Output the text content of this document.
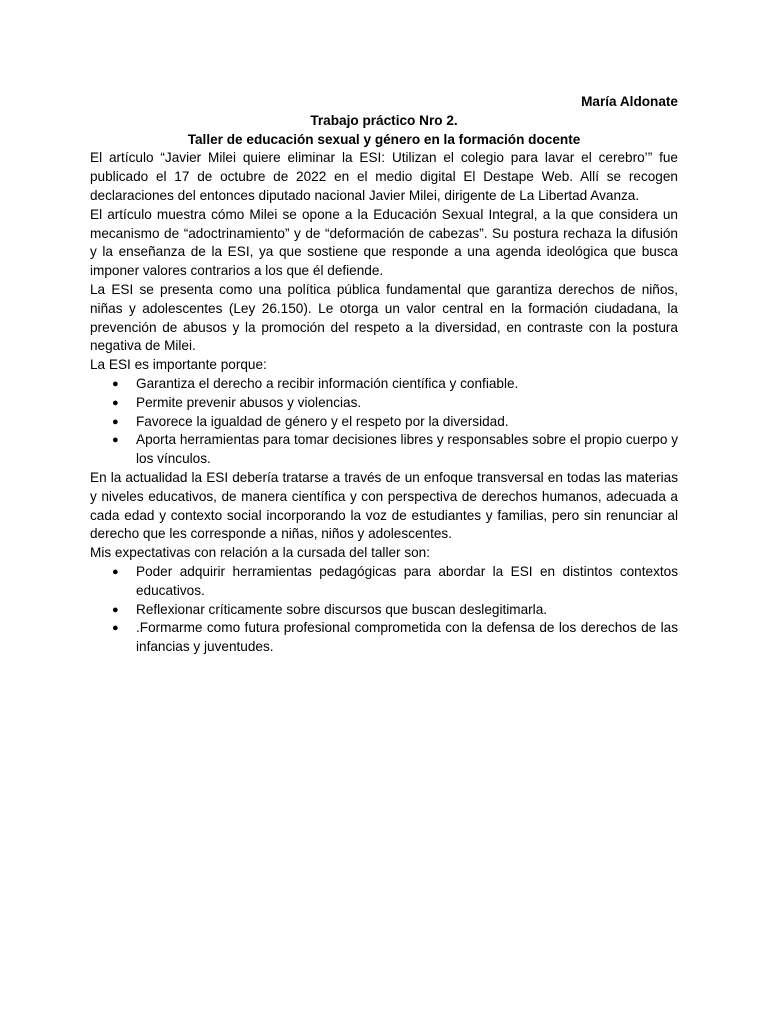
María Aldonate
Trabajo práctico Nro 2.
Taller de educación sexual y género en la formación docente

El artículo “Javier Milei quiere eliminar la ESI: Utilizan el colegio para lavar el cerebro’” fue publicado el 17 de octubre de 2022 en el medio digital El Destape Web. Allí se recogen declaraciones del entonces diputado nacional Javier Milei, dirigente de La Libertad Avanza.

El artículo muestra cómo Milei se opone a la Educación Sexual Integral, a la que considera un mecanismo de “adoctrinamiento” y de “deformación de cabezas”. Su postura rechaza la difusión y la enseñanza de la ESI, ya que sostiene que responde a una agenda ideológica que busca imponer valores contrarios a los que él defiende.

La ESI se presenta como una política pública fundamental que garantiza derechos de niños, niñas y adolescentes (Ley 26.150). Le otorga un valor central en la formación ciudadana, la prevención de abusos y la promoción del respeto a la diversidad, en contraste con la postura negativa de Milei.

La ESI es importante porque:

● Garantiza el derecho a recibir información científica y confiable.
● Permite prevenir abusos y violencias.
● Favorece la igualdad de género y el respeto por la diversidad.
● Aporta herramientas para tomar decisiones libres y responsables sobre el propio cuerpo y los vínculos.

En la actualidad la ESI debería tratarse a través de un enfoque transversal en todas las materias y niveles educativos, de manera científica y con perspectiva de derechos humanos, adecuada a cada edad y contexto social incorporando la voz de estudiantes y familias, pero sin renunciar al derecho que les corresponde a niñas, niños y adolescentes.

Mis expectativas con relación a la cursada del taller son:

● Poder adquirir herramientas pedagógicas para abordar la ESI en distintos contextos educativos.
● Reflexionar críticamente sobre discursos que buscan deslegitimarla.
● .Formarme como futura profesional comprometida con la defensa de los derechos de las infancias y juventudes.
